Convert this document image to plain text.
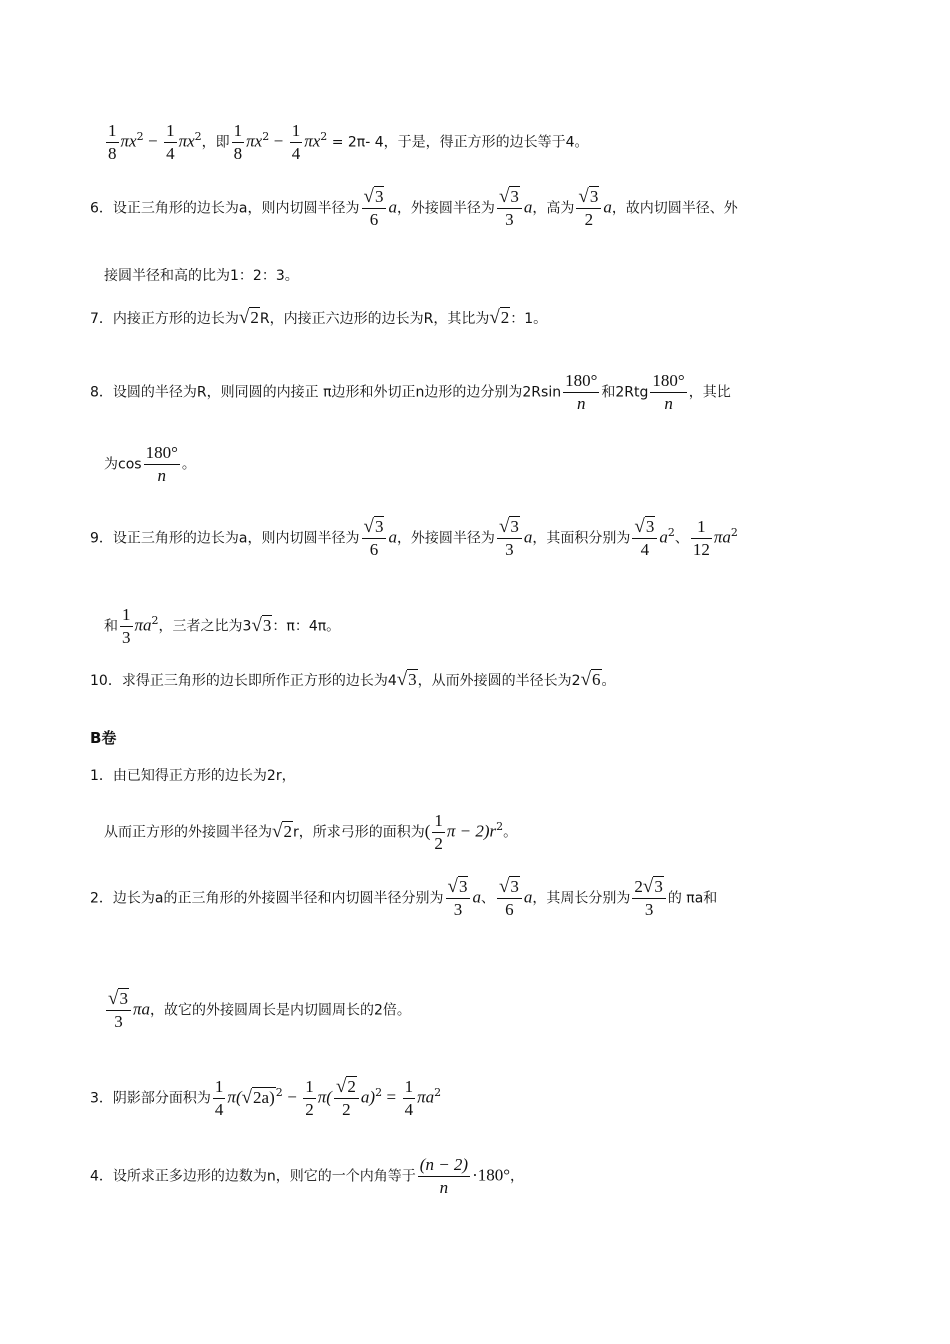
$\frac{1}{8} \pi x^2 - \frac{1}{4} \pi x^2$，即 $\frac{1}{8} \pi x^2 - \frac{1}{4} \pi x^2 = 2\pi-$ 4，于是，得正方形的边长等于4。
6．设正三角形的边长为a，则内切圆半径为 $\frac{√3}{6}$ a，外接圆半径为 $\frac{√3}{3}$ a，高为 $\frac{√3}{2}$ a，故内切圆半径、外
接圆半径和高的比为1：2：3。
7．内接正方形的边长为√2R，内接正六边形的边长为R，其比为√2：1。
8．设圆的半径为R，则同圆的内接正 π边形和外切正n边形的边分别为$2Rsin \frac{180^\circ}{n}$ 和$2Rtg \frac{180^\circ}{n}$ ，其比
为$\cos \frac{180^\circ}{n}$ 。
9．设正三角形的边长为a，则内切圆半径为 $\frac{√3}{6}$ a，外接圆半径为 $\frac{√3}{3}$ a，其面积分别为 $\frac{√3}{4} a^2$、 $\frac{1}{12} \pi a^2$
和 $\frac{1}{3} \pi a^2$，三者之比为3√3：π：4π。
10．求得正三角形的边长即所作正方形的边长为4√3，从而外接圆的半径长为2√6。
B卷
1．由已知得正方形的边长为2r，
从而正方形的外接圆半径为√2r，所求弓形的面积为( $\frac{1}{2}$ $\pi - 2)r^2$。
2．边长为a的正三角形的外接圆半径和内切圆半径分别为 $\frac{√3}{3}$ a、 $\frac{√3}{6}$ a，其周长分别为 $\frac{2√3}{3}$ 的 πa和
$\frac{√3}{3}$ πa，故它的外接圆周长是内切圆周长的2倍。
3．阴影部分面积为 $\frac{1}{4} \pi(√2a)^2 - \frac{1}{2} \pi( \frac{√2}{2} a)^2 = \frac{1}{4} \pi a^2$
4．设所求正多边形的边数为n，则它的一个内角等于 $\frac{(n - 2)}{n} \cdot 180^\circ$，
